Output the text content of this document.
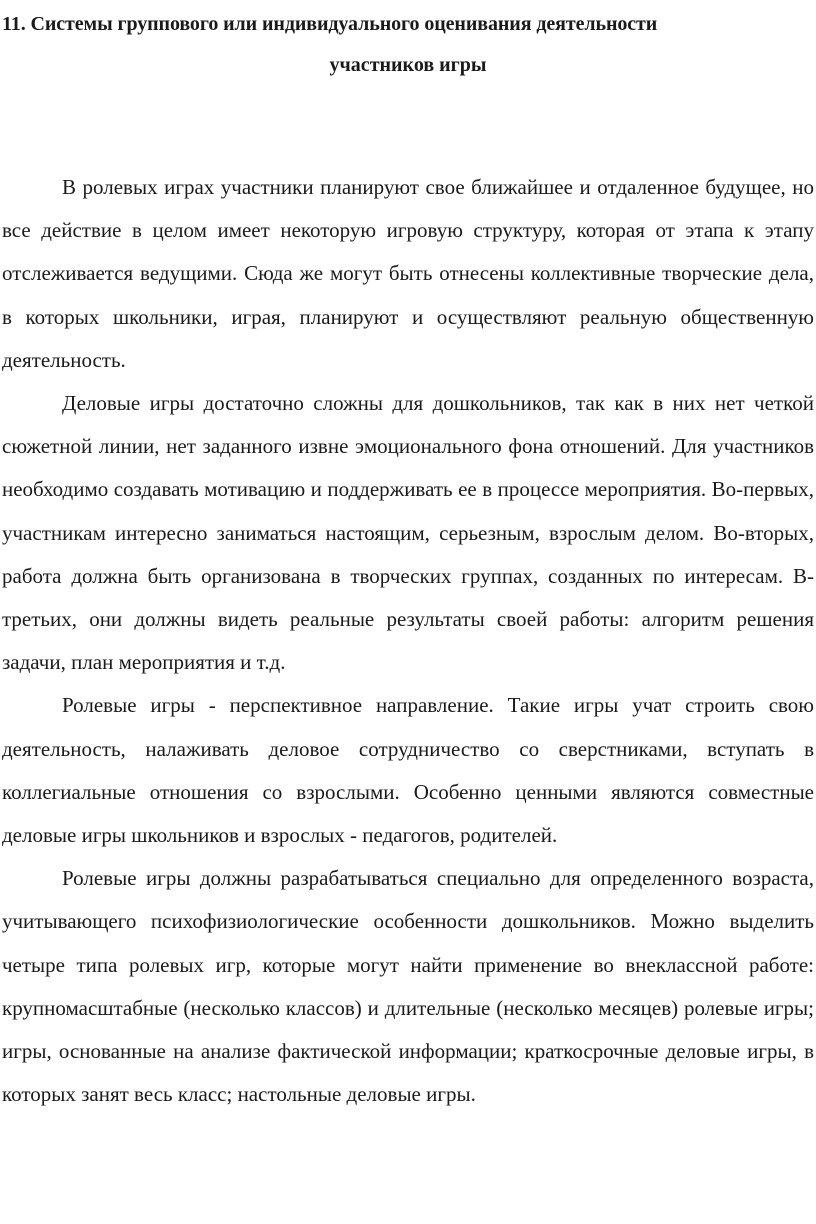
11. Системы группового или индивидуального оценивания деятельности
участников игры

В ролевых играх участники планируют свое ближайшее и отдаленное будущее, но все действие в целом имеет некоторую игровую структуру, которая от этапа к этапу отслеживается ведущими. Сюда же могут быть отнесены коллективные творческие дела, в которых школьники, играя, планируют и осуществляют реальную общественную деятельность.

Деловые игры достаточно сложны для дошкольников, так как в них нет четкой сюжетной линии, нет заданного извне эмоционального фона отношений. Для участников необходимо создавать мотивацию и поддерживать ее в процессе мероприятия. Во-первых, участникам интересно заниматься настоящим, серьезным, взрослым делом. Во-вторых, работа должна быть организована в творческих группах, созданных по интересам. В-третьих, они должны видеть реальные результаты своей работы: алгоритм решения задачи, план мероприятия и т.д.

Ролевые игры - перспективное направление. Такие игры учат строить свою деятельность, налаживать деловое сотрудничество со сверстниками, вступать в коллегиальные отношения со взрослыми. Особенно ценными являются совместные деловые игры школьников и взрослых - педагогов, родителей.

Ролевые игры должны разрабатываться специально для определенного возраста, учитывающего психофизиологические особенности дошкольников. Можно выделить четыре типа ролевых игр, которые могут найти применение во внеклассной работе: крупномасштабные (несколько классов) и длительные (несколько месяцев) ролевые игры; игры, основанные на анализе фактической информации; краткосрочные деловые игры, в которых занят весь класс; настольные деловые игры.
